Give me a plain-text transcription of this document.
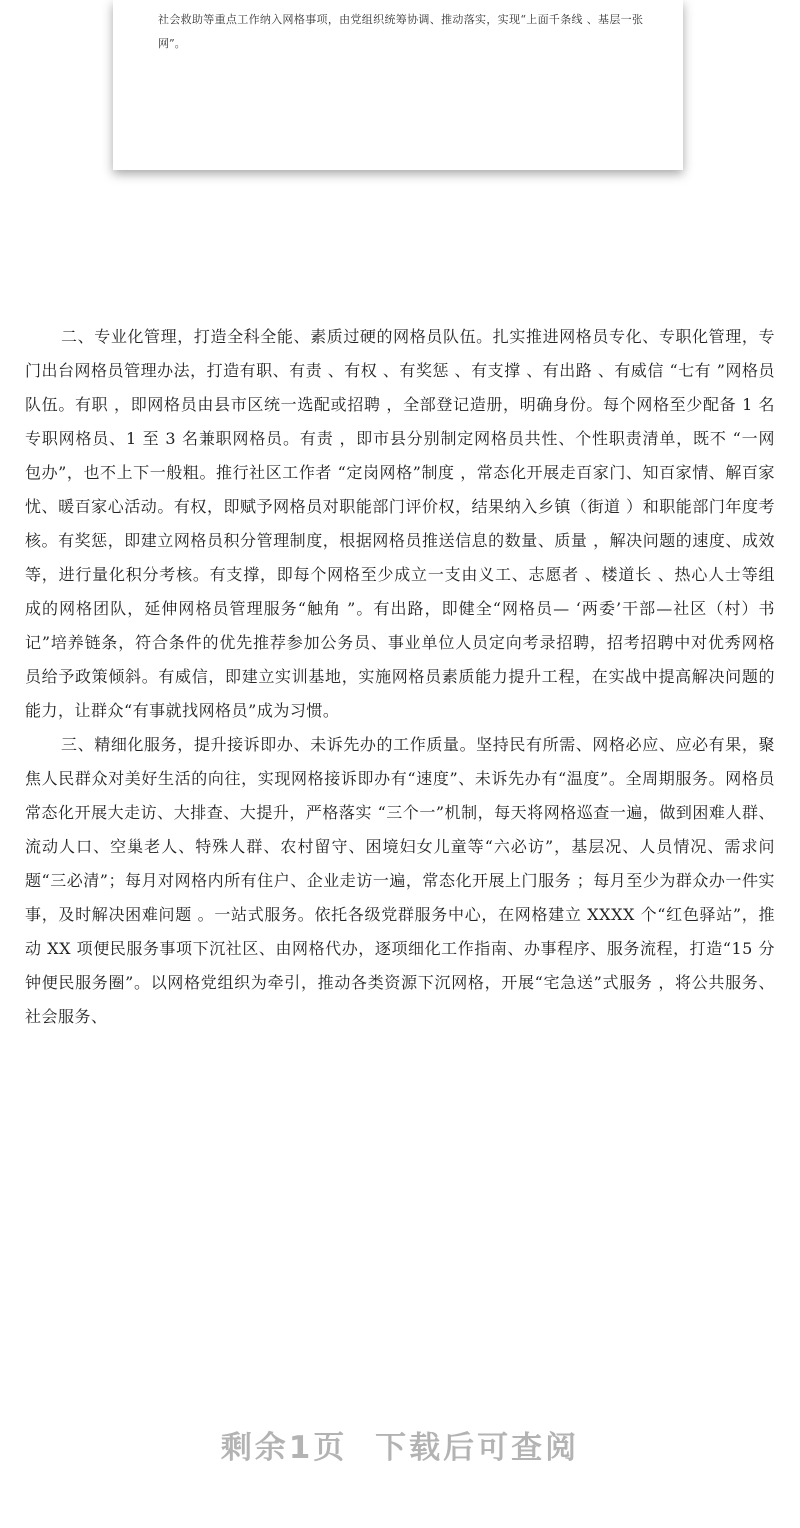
社会救助等重点工作纳入网格事项，由党组织统筹协调、推动落实，实现“上面千条线 、基层一张网”。

二、专业化管理，打造全科全能、素质过硬的网格员队伍。扎实推进网格员专化、专职化管理，专门出台网格员管理办法，打造有职、有责 、有权 、有奖惩 、有支撑 、有出路 、有威信 “七有 ”网格员队伍。有职 ，即网格员由县市区统一选配或招聘 ，全部登记造册，明确身份。每个网格至少配备 1 名专职网格员、1 至 3 名兼职网格员。有责 ，即市县分别制定网格员共性、个性职责清单，既不 “一网包办”，也不上下一般粗。推行社区工作者 “定岗网格”制度 ，常态化开展走百家门、知百家情、解百家忧、暖百家心活动。有权，即赋予网格员对职能部门评价权，结果纳入乡镇（街道 ）和职能部门年度考核。有奖惩，即建立网格员积分管理制度，根据网格员推送信息的数量、质量 ，解决问题的速度、成效等，进行量化积分考核。有支撑，即每个网格至少成立一支由义工、志愿者 、楼道长 、热心人士等组成的网格团队，延伸网格员管理服务“触角 ”。有出路，即健全“网格员— ‘两委’干部—社区（村）书记”培养链条，符合条件的优先推荐参加公务员、事业单位人员定向考录招聘，招考招聘中对优秀网格员给予政策倾斜。有威信，即建立实训基地，实施网格员素质能力提升工程，在实战中提高解决问题的能力，让群众“有事就找网格员”成为习惯。

三、精细化服务，提升接诉即办、未诉先办的工作质量。坚持民有所需、网格必应、应必有果，聚焦人民群众对美好生活的向往，实现网格接诉即办有“速度”、未诉先办有“温度”。全周期服务。网格员常态化开展大走访、大排查、大提升，严格落实 “三个一”机制，每天将网格巡查一遍，做到困难人群、流动人口、空巢老人、特殊人群、农村留守、困境妇女儿童等“六必访”，基层况、人员情况、需求问题“三必清”；每月对网格内所有住户、企业走访一遍，常态化开展上门服务 ；每月至少为群众办一件实事，及时解决困难问题 。一站式服务。依托各级党群服务中心，在网格建立 XXXX 个“红色驿站”，推动 XX 项便民服务事项下沉社区、由网格代办，逐项细化工作指南、办事程序、服务流程，打造“15 分钟便民服务圈”。以网格党组织为牵引，推动各类资源下沉网格，开展“宅急送”式服务 ，将公共服务、社会服务、

剩余1页 下载后可查阅
